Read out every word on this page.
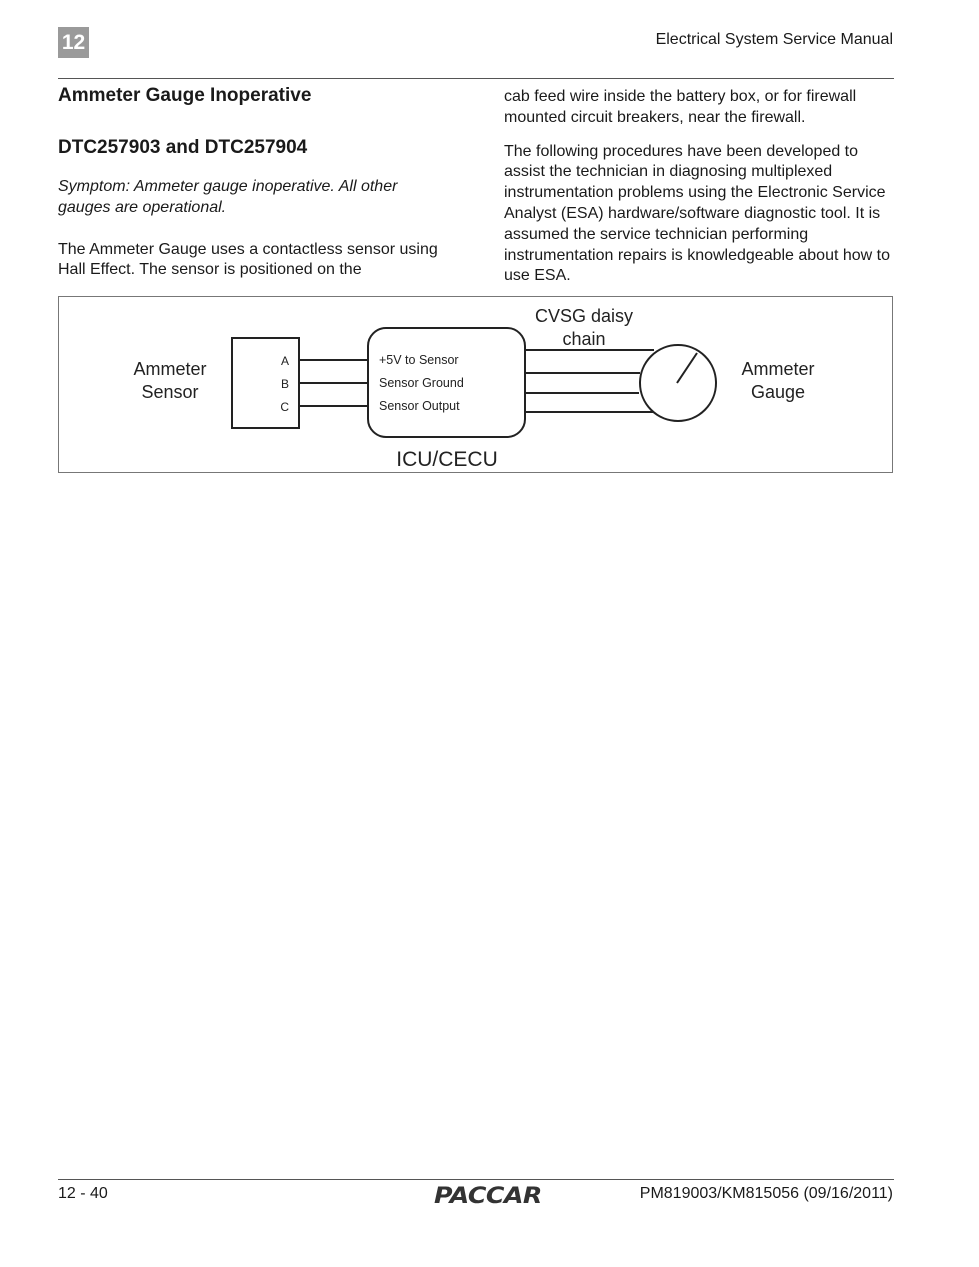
12	Electrical System Service Manual
Ammeter Gauge Inoperative
DTC257903 and DTC257904

Symptom: Ammeter gauge inoperative. All other gauges are operational.

The Ammeter Gauge uses a contactless sensor using Hall Effect. The sensor is positioned on the

cab feed wire inside the battery box, or for firewall mounted circuit breakers, near the firewall.

The following procedures have been developed to assist the technician in diagnosing multiplexed instrumentation problems using the Electronic Service Analyst (ESA) hardware/software diagnostic tool. It is assumed the service technician performing instrumentation repairs is knowledgeable about how to use ESA.

Ammeter
Sensor
A
B
C
+5V to Sensor
Sensor Ground
Sensor Output
ICU/CECU
CVSG daisy
chain
Ammeter
Gauge
12 - 40	PACCAR	PM819003/KM815056 (09/16/2011)
